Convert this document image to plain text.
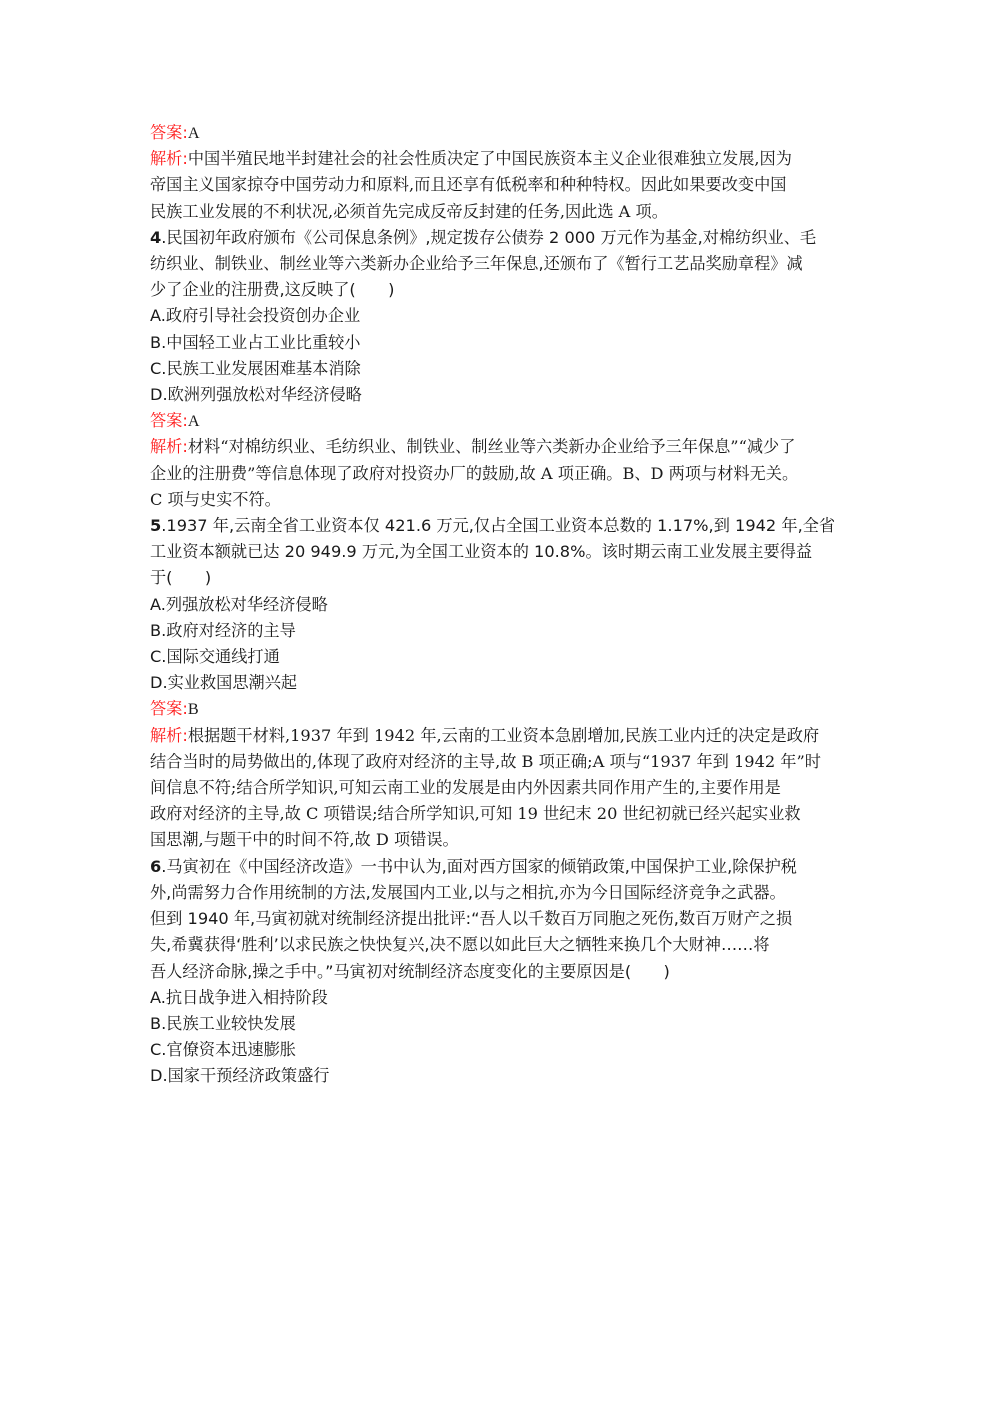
答案:A
解析:中国半殖民地半封建社会的社会性质决定了中国民族资本主义企业很难独立发展,因为
帝国主义国家掠夺中国劳动力和原料,而且还享有低税率和种种特权。因此如果要改变中国
民族工业发展的不利状况,必须首先完成反帝反封建的任务,因此选 A 项。
4.民国初年政府颁布《公司保息条例》,规定拨存公债券 2 000 万元作为基金,对棉纺织业、毛
纺织业、制铁业、制丝业等六类新办企业给予三年保息,还颁布了《暂行工艺品奖励章程》减
少了企业的注册费,这反映了(　　)
A.政府引导社会投资创办企业
B.中国轻工业占工业比重较小
C.民族工业发展困难基本消除
D.欧洲列强放松对华经济侵略
答案:A
解析:材料“对棉纺织业、毛纺织业、制铁业、制丝业等六类新办企业给予三年保息”“减少了
企业的注册费”等信息体现了政府对投资办厂的鼓励,故 A 项正确。B、D 两项与材料无关。
C 项与史实不符。
5.1937 年,云南全省工业资本仅 421.6 万元,仅占全国工业资本总数的 1.17%,到 1942 年,全省
工业资本额就已达 20 949.9 万元,为全国工业资本的 10.8%。该时期云南工业发展主要得益
于(　　)
A.列强放松对华经济侵略
B.政府对经济的主导
C.国际交通线打通
D.实业救国思潮兴起
答案:B
解析:根据题干材料,1937 年到 1942 年,云南的工业资本急剧增加,民族工业内迁的决定是政府
结合当时的局势做出的,体现了政府对经济的主导,故 B 项正确;A 项与“1937 年到 1942 年”时
间信息不符;结合所学知识,可知云南工业的发展是由内外因素共同作用产生的,主要作用是
政府对经济的主导,故 C 项错误;结合所学知识,可知 19 世纪末 20 世纪初就已经兴起实业救
国思潮,与题干中的时间不符,故 D 项错误。
6.马寅初在《中国经济改造》一书中认为,面对西方国家的倾销政策,中国保护工业,除保护税
外,尚需努力合作用统制的方法,发展国内工业,以与之相抗,亦为今日国际经济竞争之武器。
但到 1940 年,马寅初就对统制经济提出批评:“吾人以千数百万同胞之死伤,数百万财产之损
失,希冀获得‘胜利’以求民族之快快复兴,决不愿以如此巨大之牺牲来换几个大财神……将
吾人经济命脉,操之手中。”马寅初对统制经济态度变化的主要原因是(　　)
A.抗日战争进入相持阶段
B.民族工业较快发展
C.官僚资本迅速膨胀
D.国家干预经济政策盛行
